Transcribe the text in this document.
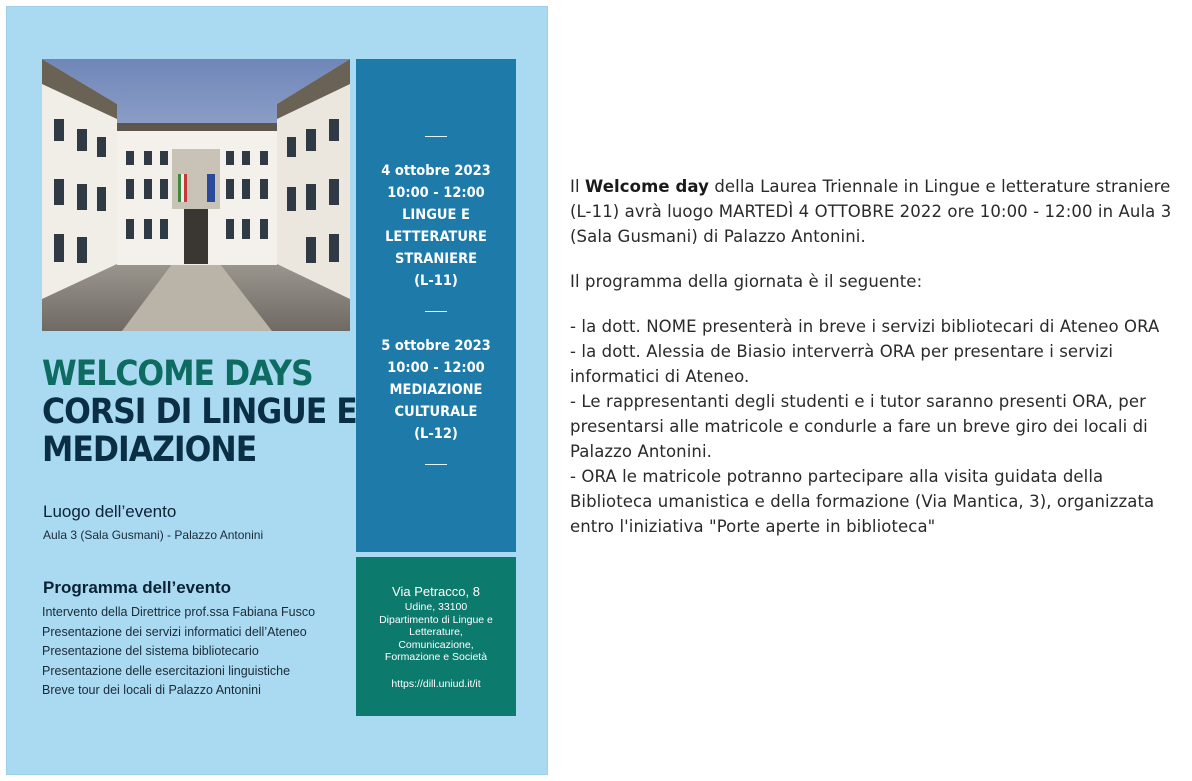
4 ottobre 2023
10:00 - 12:00
LINGUE E
LETTERATURE
STRANIERE
(L-11)
5 ottobre 2023
10:00 - 12:00
MEDIAZIONE
CULTURALE
(L-12)
WELCOME DAYS
CORSI DI LINGUE E
MEDIAZIONE
Luogo dell’evento
Aula 3 (Sala Gusmani) - Palazzo Antonini
Programma dell’evento
Intervento della Direttrice prof.ssa Fabiana Fusco
Presentazione dei servizi informatici dell’Ateneo
Presentazione del sistema bibliotecario
Presentazione delle esercitazioni linguistiche
Breve tour dei locali di Palazzo Antonini
Via Petracco, 8
Udine, 33100
Dipartimento di Lingue e
Letterature,
Comunicazione,
Formazione e Società
https://dill.uniud.it/it

Il Welcome day della Laurea Triennale in Lingue e letterature straniere (L-11) avrà luogo MARTEDÌ 4 OTTOBRE 2022 ore 10:00 - 12:00 in Aula 3 (Sala Gusmani) di Palazzo Antonini.

Il programma della giornata è il seguente:

- la dott. NOME presenterà in breve i servizi bibliotecari di Ateneo ORA

- la dott. Alessia de Biasio interverrà ORA per presentare i servizi informatici di Ateneo.

- Le rappresentanti degli studenti e i tutor saranno presenti ORA, per presentarsi alle matricole e condurle a fare un breve giro dei locali di Palazzo Antonini.

- ORA le matricole potranno partecipare alla visita guidata della Biblioteca umanistica e della formazione (Via Mantica, 3), organizzata entro l'iniziativa "Porte aperte in biblioteca"
